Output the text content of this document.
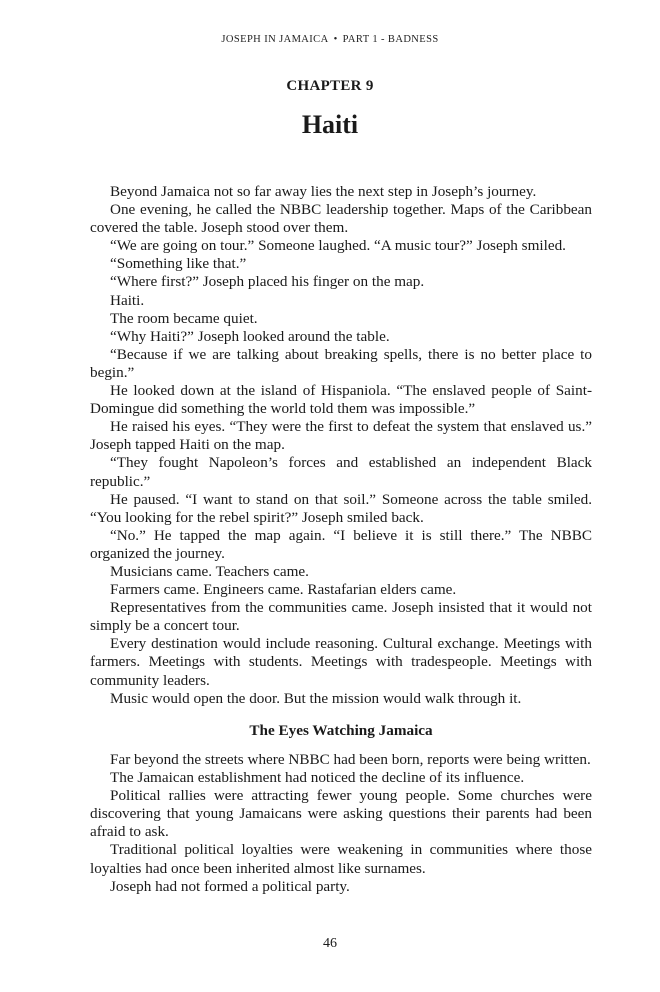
JOSEPH IN JAMAICA • PART 1 - BADNESS
CHAPTER 9
Haiti

Beyond Jamaica not so far away lies the next step in Joseph’s journey.

One evening, he called the NBBC leadership together. Maps of the Caribbean covered the table. Joseph stood over them.

“We are going on tour.” Someone laughed. “A music tour?” Joseph smiled.

“Something like that.”

“Where first?” Joseph placed his finger on the map.

Haiti.

The room became quiet.

“Why Haiti?” Joseph looked around the table.

“Because if we are talking about breaking spells, there is no better place to begin.”

He looked down at the island of Hispaniola. “The enslaved people of Saint-Domingue did something the world told them was impossible.”

He raised his eyes. “They were the first to defeat the system that enslaved us.” Joseph tapped Haiti on the map.

“They fought Napoleon’s forces and established an independent Black republic.”

He paused. “I want to stand on that soil.” Someone across the table smiled. “You looking for the rebel spirit?” Joseph smiled back.

“No.” He tapped the map again. “I believe it is still there.” The NBBC organized the journey.

Musicians came. Teachers came.

Farmers came. Engineers came. Rastafarian elders came.

Representatives from the communities came. Joseph insisted that it would not simply be a concert tour.

Every destination would include reasoning. Cultural exchange. Meetings with farmers. Meetings with students. Meetings with tradespeople. Meetings with community leaders.

Music would open the door. But the mission would walk through it.

The Eyes Watching Jamaica

Far beyond the streets where NBBC had been born, reports were being written.

The Jamaican establishment had noticed the decline of its influence.

Political rallies were attracting fewer young people. Some churches were discovering that young Jamaicans were asking questions their parents had been afraid to ask.

Traditional political loyalties were weakening in communities where those loyalties had once been inherited almost like surnames.

Joseph had not formed a political party.

46
